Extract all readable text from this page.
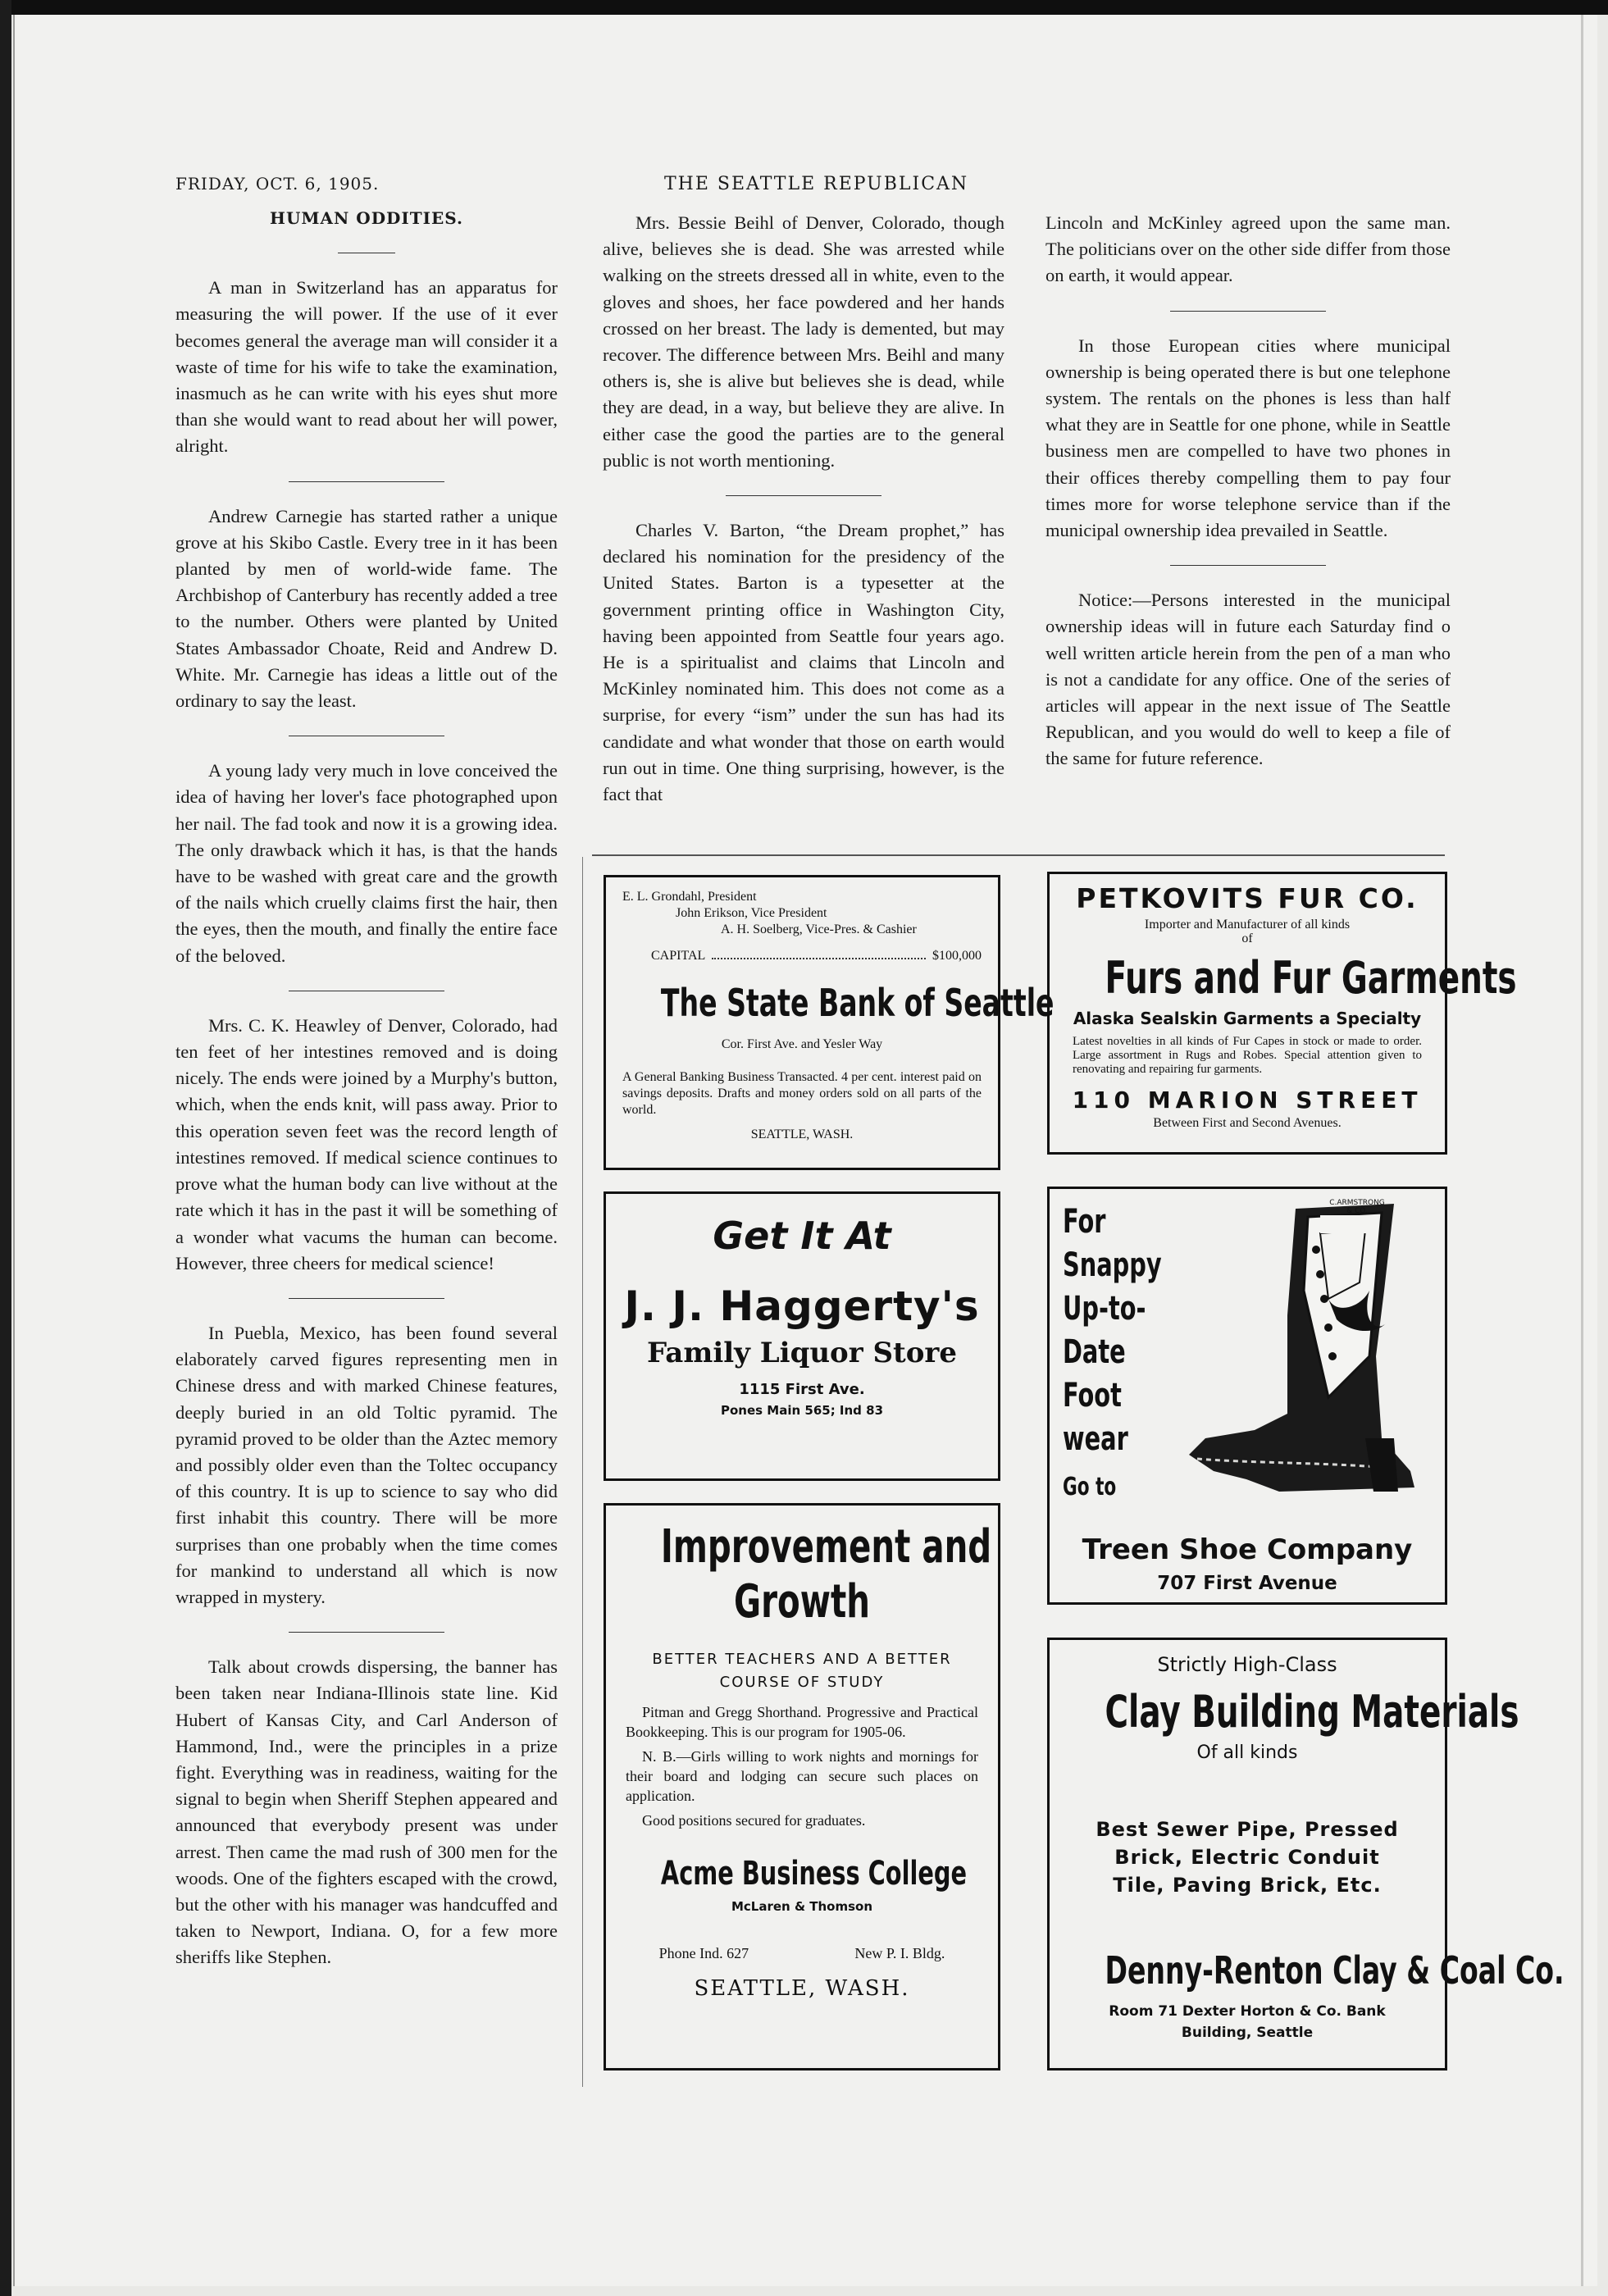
FRIDAY, OCT. 6, 1905.	THE SEATTLE REPUBLICAN
HUMAN ODDITIES.

A man in Switzerland has an apparatus for measuring the will power. If the use of it ever becomes general the average man will consider it a waste of time for his wife to take the examination, inasmuch as he can write with his eyes shut more than she would want to read about her will power, alright.

Andrew Carnegie has started rather a unique grove at his Skibo Castle. Every tree in it has been planted by men of world-wide fame. The Archbishop of Canterbury has recently added a tree to the number. Others were planted by United States Ambassador Choate, Reid and Andrew D. White. Mr. Carnegie has ideas a little out of the ordinary to say the least.

A young lady very much in love conceived the idea of having her lover's face photographed upon her nail. The fad took and now it is a growing idea. The only drawback which it has, is that the hands have to be washed with great care and the growth of the nails which cruelly claims first the hair, then the eyes, then the mouth, and finally the entire face of the beloved.

Mrs. C. K. Heawley of Denver, Colorado, had ten feet of her intestines removed and is doing nicely. The ends were joined by a Murphy's button, which, when the ends knit, will pass away. Prior to this operation seven feet was the record length of intestines removed. If medical science continues to prove what the human body can live without at the rate which it has in the past it will be something of a wonder what vacums the human can become. However, three cheers for medical science!

In Puebla, Mexico, has been found several elaborately carved figures representing men in Chinese dress and with marked Chinese features, deeply buried in an old Toltic pyramid. The pyramid proved to be older than the Aztec memory and possibly older even than the Toltec occupancy of this country. It is up to science to say who did first inhabit this country. There will be more surprises than one probably when the time comes for mankind to understand all which is now wrapped in mystery.

Talk about crowds dispersing, the banner has been taken near Indiana-Illinois state line. Kid Hubert of Kansas City, and Carl Anderson of Hammond, Ind., were the principles in a prize fight. Everything was in readiness, waiting for the signal to begin when Sheriff Stephen appeared and announced that everybody present was under arrest. Then came the mad rush of 300 men for the woods. One of the fighters escaped with the crowd, but the other with his manager was handcuffed and taken to Newport, Indiana. O, for a few more sheriffs like Stephen.

Mrs. Bessie Beihl of Denver, Colorado, though alive, believes she is dead. She was arrested while walking on the streets dressed all in white, even to the gloves and shoes, her face powdered and her hands crossed on her breast. The lady is demented, but may recover. The difference between Mrs. Beihl and many others is, she is alive but believes she is dead, while they are dead, in a way, but believe they are alive. In either case the good the parties are to the general public is not worth mentioning.

Charles V. Barton, “the Dream prophet,” has declared his nomination for the presidency of the United States. Barton is a typesetter at the government printing office in Washington City, having been appointed from Seattle four years ago. He is a spiritualist and claims that Lincoln and McKinley nominated him. This does not come as a surprise, for every “ism” under the sun has had its candidate and what wonder that those on earth would run out in time. One thing surprising, however, is the fact that

Lincoln and McKinley agreed upon the same man. The politicians over on the other side differ from those on earth, it would appear.

In those European cities where municipal ownership is being operated there is but one telephone system. The rentals on the phones is less than half what they are in Seattle for one phone, while in Seattle business men are compelled to have two phones in their offices thereby compelling them to pay four times more for worse telephone service than if the municipal ownership idea prevailed in Seattle.

Notice:—Persons interested in the municipal ownership ideas will in future each Saturday find o well written article herein from the pen of a man who is not a candidate for any office. One of the series of articles will appear in the next issue of The Seattle Republican, and you would do well to keep a file of the same for future reference.

E. L. Grondahl, President
John Erikson, Vice President
A. H. Soelberg, Vice-Pres. & Cashier
CAPITAL	$100,000
The State Bank of Seattle
Cor. First Ave. and Yesler Way
A General Banking Business Transacted. 4 per cent. interest paid on savings deposits. Drafts and money orders sold on all parts of the world.
SEATTLE, WASH.
PETKOVITS FUR CO.
Importer and Manufacturer of all kinds of
Furs and Fur Garments
Alaska Sealskin Garments a Specialty
Latest novelties in all kinds of Fur Capes in stock or made to order. Large assortment in Rugs and Robes. Special attention given to renovating and repairing fur garments.
110 MARION STREET
Between First and Second Avenues.
Get It At
J. J. Haggerty's
Family Liquor Store
1115 First Ave.
Pones Main 565; Ind 83
For
Snappy
Up-to-
Date
Foot
wear
Go to
C.ARMSTRONG & CO.
Treen Shoe Company
707 First Avenue
Improvement and
Growth
BETTER TEACHERS AND A BETTER COURSE OF STUDY
Pitman and Gregg Shorthand. Progressive and Practical Bookkeeping. This is our program for 1905-06.
N. B.—Girls willing to work nights and mornings for their board and lodging can secure such places on application.
Good positions secured for graduates.
Acme Business College
McLaren & Thomson
Phone Ind. 627	New P. I. Bldg.
SEATTLE, WASH.
Strictly High-Class
Clay Building Materials
Of all kinds
Best Sewer Pipe, Pressed
Brick, Electric Conduit
Tile, Paving Brick, Etc.
Denny-Renton Clay & Coal Co.
Room 71 Dexter Horton & Co. Bank Building, Seattle
